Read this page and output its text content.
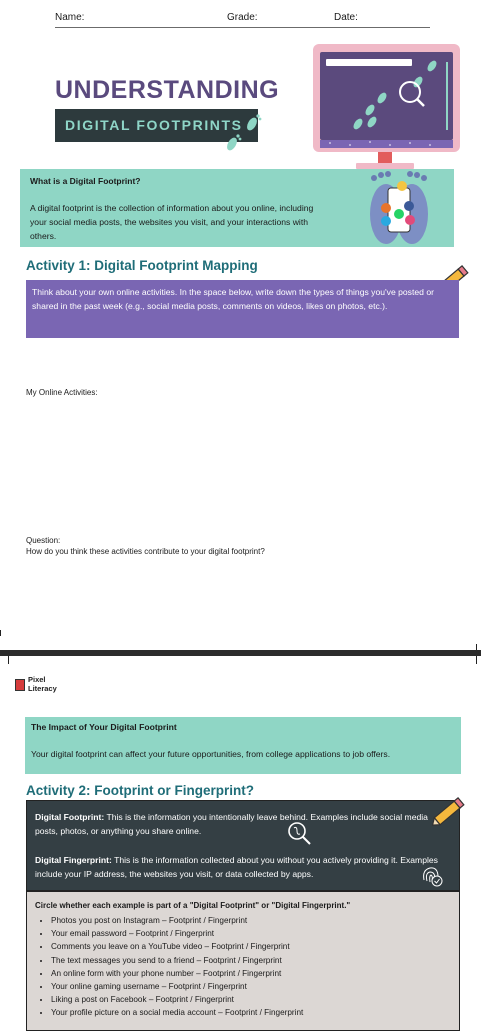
Name:	Grade:	Date:
UNDERSTANDING
DIGITAL FOOTPRINTS
What is a Digital Footprint?
A digital footprint is the collection of information about you online, including your social media posts, the websites you visit, and your interactions with others.
Activity 1: Digital Footprint Mapping
Think about your own online activities. In the space below, write down the types of things you've posted or shared in the past week (e.g., social media posts, comments on videos, likes on photos, etc.).
My Online Activities:
Question:
How do you think these activities contribute to your digital footprint?
Pixel
Literacy
The Impact of Your Digital Footprint
Your digital footprint can affect your future opportunities, from college applications to job offers.
Activity 2: Footprint or Fingerprint?
Digital Footprint: This is the information you intentionally leave behind. Examples include social media posts, photos, or anything you share online.
Digital Fingerprint: This is the information collected about you without you actively providing it. Examples include your IP address, the websites you visit, or data collected by apps.
Circle whether each example is part of a "Digital Footprint" or "Digital Fingerprint."
• Photos you post on Instagram – Footprint / Fingerprint
• Your email password – Footprint / Fingerprint
• Comments you leave on a YouTube video – Footprint / Fingerprint
• The text messages you send to a friend – Footprint / Fingerprint
• An online form with your phone number – Footprint / Fingerprint
• Your online gaming username – Footprint / Fingerprint
• Liking a post on Facebook – Footprint / Fingerprint
• Your profile picture on a social media account – Footprint / Fingerprint
